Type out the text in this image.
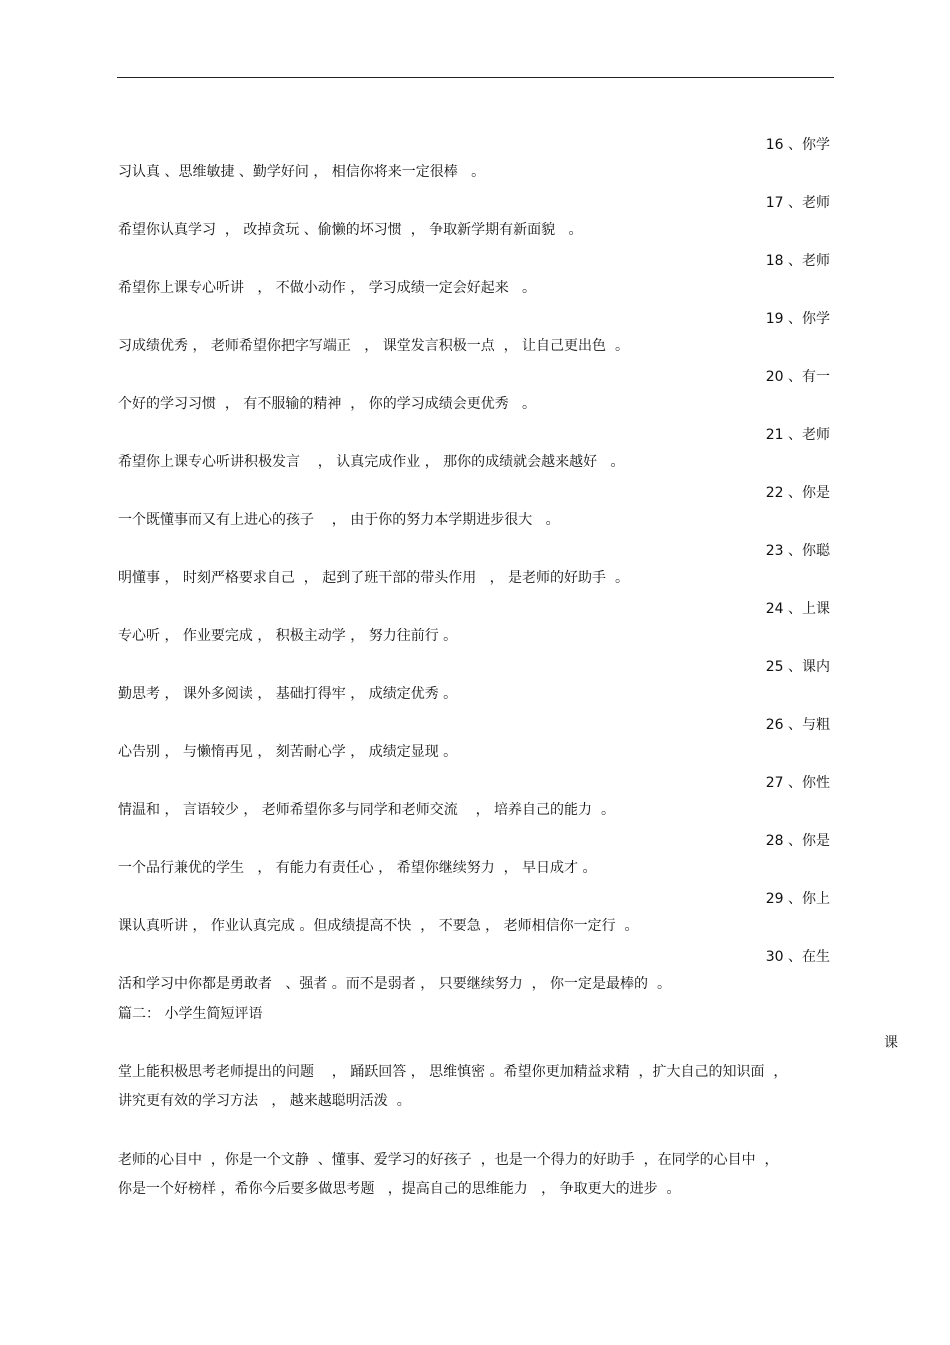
16 、你学
习认真 、思维敏捷 、勤学好问 ， 相信你将来一定很棒   。
17 、老师
希望你认真学习  ， 改掉贪玩 、偷懒的坏习惯  ， 争取新学期有新面貌   。
18 、老师
希望你上课专心听讲   ， 不做小动作 ， 学习成绩一定会好起来   。
19 、你学
习成绩优秀 ， 老师希望你把字写端正   ， 课堂发言积极一点  ， 让自己更出色  。
20 、有一
个好的学习习惯  ， 有不服输的精神  ， 你的学习成绩会更优秀   。
21 、老师
希望你上课专心听讲积极发言    ， 认真完成作业 ， 那你的成绩就会越来越好   。
22 、你是
一个既懂事而又有上进心的孩子    ， 由于你的努力本学期进步很大   。
23 、你聪
明懂事 ， 时刻严格要求自己  ， 起到了班干部的带头作用   ， 是老师的好助手  。
24 、上课
专心听 ， 作业要完成 ， 积极主动学 ， 努力往前行 。
25 、课内
勤思考 ， 课外多阅读 ， 基础打得牢 ， 成绩定优秀 。
26 、与粗
心告别 ， 与懒惰再见 ， 刻苦耐心学 ， 成绩定显现 。
27 、你性
情温和 ， 言语较少 ， 老师希望你多与同学和老师交流    ， 培养自己的能力  。
28 、你是
一个品行兼优的学生   ， 有能力有责任心 ， 希望你继续努力  ， 早日成才 。
29 、你上
课认真听讲 ， 作业认真完成 。但成绩提高不快  ， 不要急 ， 老师相信你一定行  。
30 、在生
活和学习中你都是勇敢者   、强者 。而不是弱者 ， 只要继续努力  ， 你一定是最棒的  。
篇二： 小学生简短评语
课
堂上能积极思考老师提出的问题    ， 踊跃回答 ， 思维慎密 。希望你更加精益求精  ，扩大自己的知识面  ，
讲究更有效的学习方法   ， 越来越聪明活泼  。
老师的心目中  ，你是一个文静  、懂事、爱学习的好孩子  ，也是一个得力的好助手  ，在同学的心目中  ，
你是一个好榜样 ，希你今后要多做思考题   ，提高自己的思维能力   ， 争取更大的进步  。
